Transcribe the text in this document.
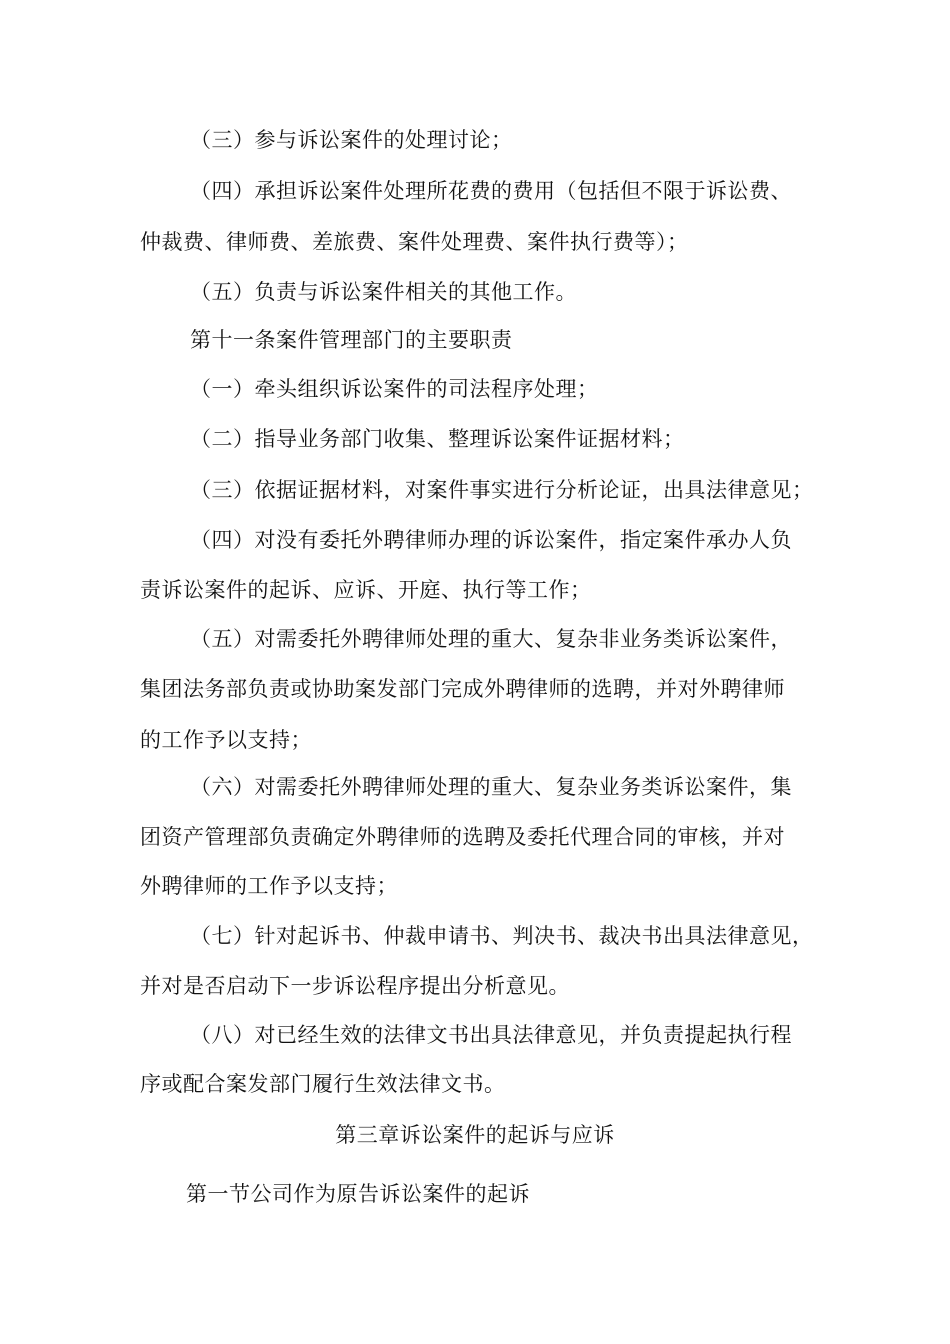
（三）参与诉讼案件的处理讨论；
（四）承担诉讼案件处理所花费的费用（包括但不限于诉讼费、
仲裁费、律师费、差旅费、案件处理费、案件执行费等）；
（五）负责与诉讼案件相关的其他工作。
第十一条案件管理部门的主要职责
（一）牵头组织诉讼案件的司法程序处理；
（二）指导业务部门收集、整理诉讼案件证据材料；
（三）依据证据材料，对案件事实进行分析论证，出具法律意见；
（四）对没有委托外聘律师办理的诉讼案件，指定案件承办人负
责诉讼案件的起诉、应诉、开庭、执行等工作；
（五）对需委托外聘律师处理的重大、复杂非业务类诉讼案件，
集团法务部负责或协助案发部门完成外聘律师的选聘，并对外聘律师
的工作予以支持；
（六）对需委托外聘律师处理的重大、复杂业务类诉讼案件，集
团资产管理部负责确定外聘律师的选聘及委托代理合同的审核，并对
外聘律师的工作予以支持；
（七）针对起诉书、仲裁申请书、判决书、裁决书出具法律意见，
并对是否启动下一步诉讼程序提出分析意见。
（八）对已经生效的法律文书出具法律意见，并负责提起执行程
序或配合案发部门履行生效法律文书。
第三章诉讼案件的起诉与应诉
第一节公司作为原告诉讼案件的起诉
